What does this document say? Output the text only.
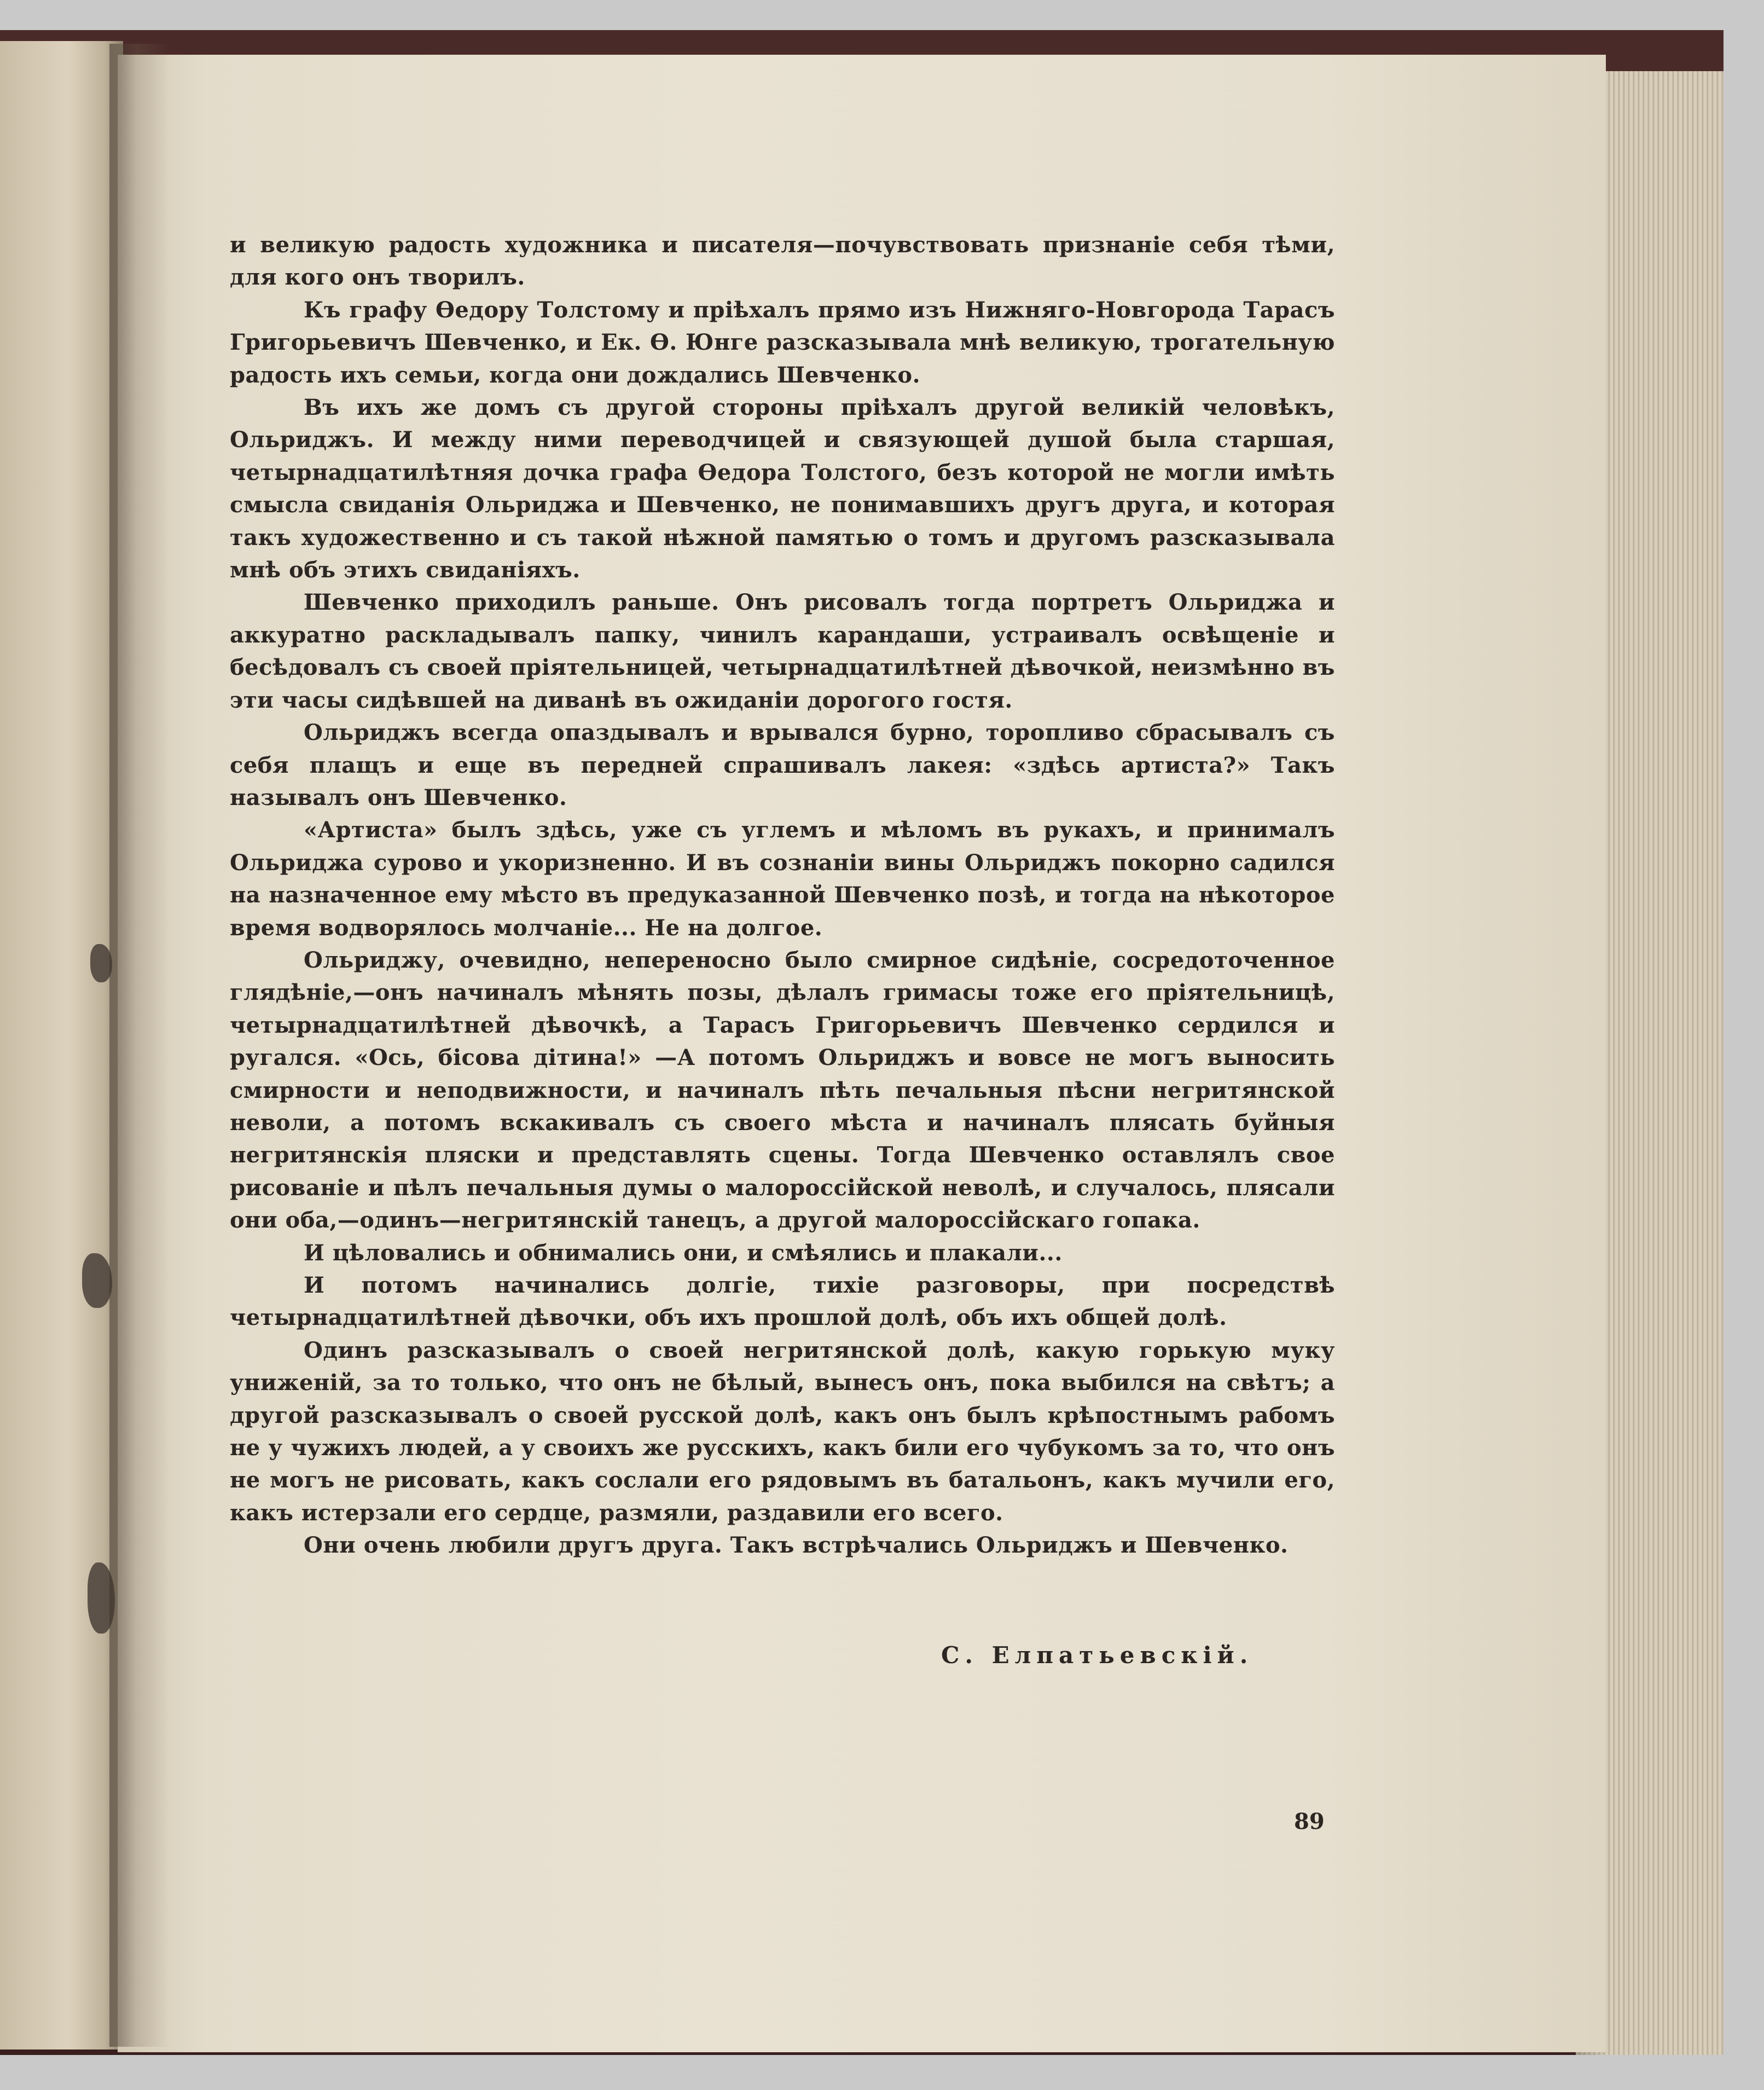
и великую радость художника и писателя—почувствовать признаніе себя тѣми, для кого онъ творилъ.

Къ графу Ѳедору Толстому и пріѣхалъ прямо изъ Нижняго-Новгорода Тарасъ Григорьевичъ Шевченко, и Ек. Ѳ. Юнге разсказывала мнѣ великую, трогательную радость ихъ семьи, когда они дождались Шевченко.

Въ ихъ же домъ съ другой стороны пріѣхалъ другой великій человѣкъ, Ольриджъ. И между ними переводчицей и связующей душой была старшая, четырнадцатилѣтняя дочка графа Ѳедора Толстого, безъ которой не могли имѣть смысла свиданія Ольриджа и Шевченко, не понимавшихъ другъ друга, и которая такъ художественно и съ такой нѣжной памятью о томъ и другомъ разсказывала мнѣ объ этихъ свиданіяхъ.

Шевченко приходилъ раньше. Онъ рисовалъ тогда портретъ Ольриджа и аккуратно раскладывалъ папку, чинилъ карандаши, устраивалъ освѣщеніе и бесѣдовалъ съ своей пріятельницей, четырнадцатилѣтней дѣвочкой, неизмѣнно въ эти часы сидѣвшей на диванѣ въ ожиданіи дорогого гостя.

Ольриджъ всегда опаздывалъ и врывался бурно, торопливо сбрасывалъ съ себя плащъ и еще въ передней спрашивалъ лакея: «здѣсь артиста?» Такъ называлъ онъ Шевченко.

«Артиста» былъ здѣсь, уже съ углемъ и мѣломъ въ рукахъ, и принималъ Ольриджа сурово и укоризненно. И въ сознаніи вины Ольриджъ покорно садился на назначенное ему мѣсто въ предуказанной Шевченко позѣ, и тогда на нѣкоторое время водворялось молчаніе... Не на долгое.

Ольриджу, очевидно, непереносно было смирное сидѣніе, сосредоточенное глядѣніе,—онъ начиналъ мѣнять позы, дѣлалъ гримасы тоже его пріятельницѣ, четырнадцатилѣтней дѣвочкѣ, а Тарасъ Григорьевичъ Шевченко сердился и ругался. «Ось, бісова дітина!» —А потомъ Ольриджъ и вовсе не могъ выносить смирности и неподвижности, и начиналъ пѣть печальныя пѣсни негритянской неволи, а потомъ вскакивалъ съ своего мѣста и начиналъ плясать буйныя негритянскія пляски и представлять сцены. Тогда Шевченко оставлялъ свое рисованіе и пѣлъ печальныя думы о малороссійской неволѣ, и случалось, плясали они оба,—одинъ—негритянскій танецъ, а другой малороссійскаго гопака.

И цѣловались и обнимались они, и смѣялись и плакали...

И потомъ начинались долгіе, тихіе разговоры, при посредствѣ четырнадцатилѣтней дѣвочки, объ ихъ прошлой долѣ, объ ихъ общей долѣ.

Одинъ разсказывалъ о своей негритянской долѣ, какую горькую муку униженій, за то только, что онъ не бѣлый, вынесъ онъ, пока выбился на свѣтъ; а другой разсказывалъ о своей русской долѣ, какъ онъ былъ крѣпостнымъ рабомъ не у чужихъ людей, а у своихъ же русскихъ, какъ били его чубукомъ за то, что онъ не могъ не рисовать, какъ сослали его рядовымъ въ батальонъ, какъ мучили его, какъ истерзали его сердце, размяли, раздавили его всего.

Они очень любили другъ друга. Такъ встрѣчались Ольриджъ и Шевченко.

С. Елпатьевскій.
89
